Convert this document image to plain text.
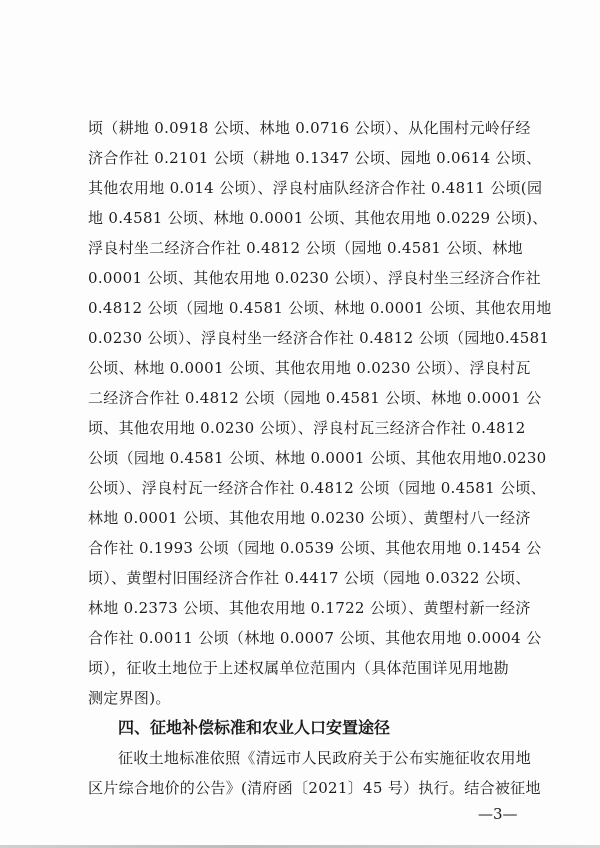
顷（耕地 0.0918 公顷、林地 0.0716 公顷）、从化围村元岭仔经
济合作社 0.2101 公顷（耕地 0.1347 公顷、园地 0.0614 公顷、
其他农用地 0.014 公顷）、浮良村庙队经济合作社 0.4811 公顷(园
地 0.4581 公顷、林地 0.0001 公顷、其他农用地 0.0229 公顷)、
浮良村坐二经济合作社 0.4812 公顷（园地 0.4581 公顷、林地
0.0001 公顷、其他农用地 0.0230 公顷）、浮良村坐三经济合作社
0.4812 公顷（园地 0.4581 公顷、林地 0.0001 公顷、其他农用地
0.0230 公顷）、浮良村坐一经济合作社 0.4812 公顷（园地0.4581
公顷、林地 0.0001 公顷、其他农用地 0.0230 公顷）、浮良村瓦
二经济合作社 0.4812 公顷（园地 0.4581 公顷、林地 0.0001 公
顷、其他农用地 0.0230 公顷）、浮良村瓦三经济合作社 0.4812
公顷（园地 0.4581 公顷、林地 0.0001 公顷、其他农用地0.0230
公顷）、浮良村瓦一经济合作社 0.4812 公顷（园地 0.4581 公顷、
林地 0.0001 公顷、其他农用地 0.0230 公顷）、黄塱村八一经济
合作社 0.1993 公顷（园地 0.0539 公顷、其他农用地 0.1454 公
顷）、黄塱村旧围经济合作社 0.4417 公顷（园地 0.0322 公顷、
林地 0.2373 公顷、其他农用地 0.1722 公顷）、黄塱村新一经济
合作社 0.0011 公顷（林地 0.0007 公顷、其他农用地 0.0004 公
顷），征收土地位于上述权属单位范围内（具体范围详见用地勘
测定界图)。
四、征地补偿标准和农业人口安置途径
征收土地标准依照《清远市人民政府关于公布实施征收农用地
区片综合地价的公告》(清府函〔2021〕45 号）执行。结合被征地
—3—
